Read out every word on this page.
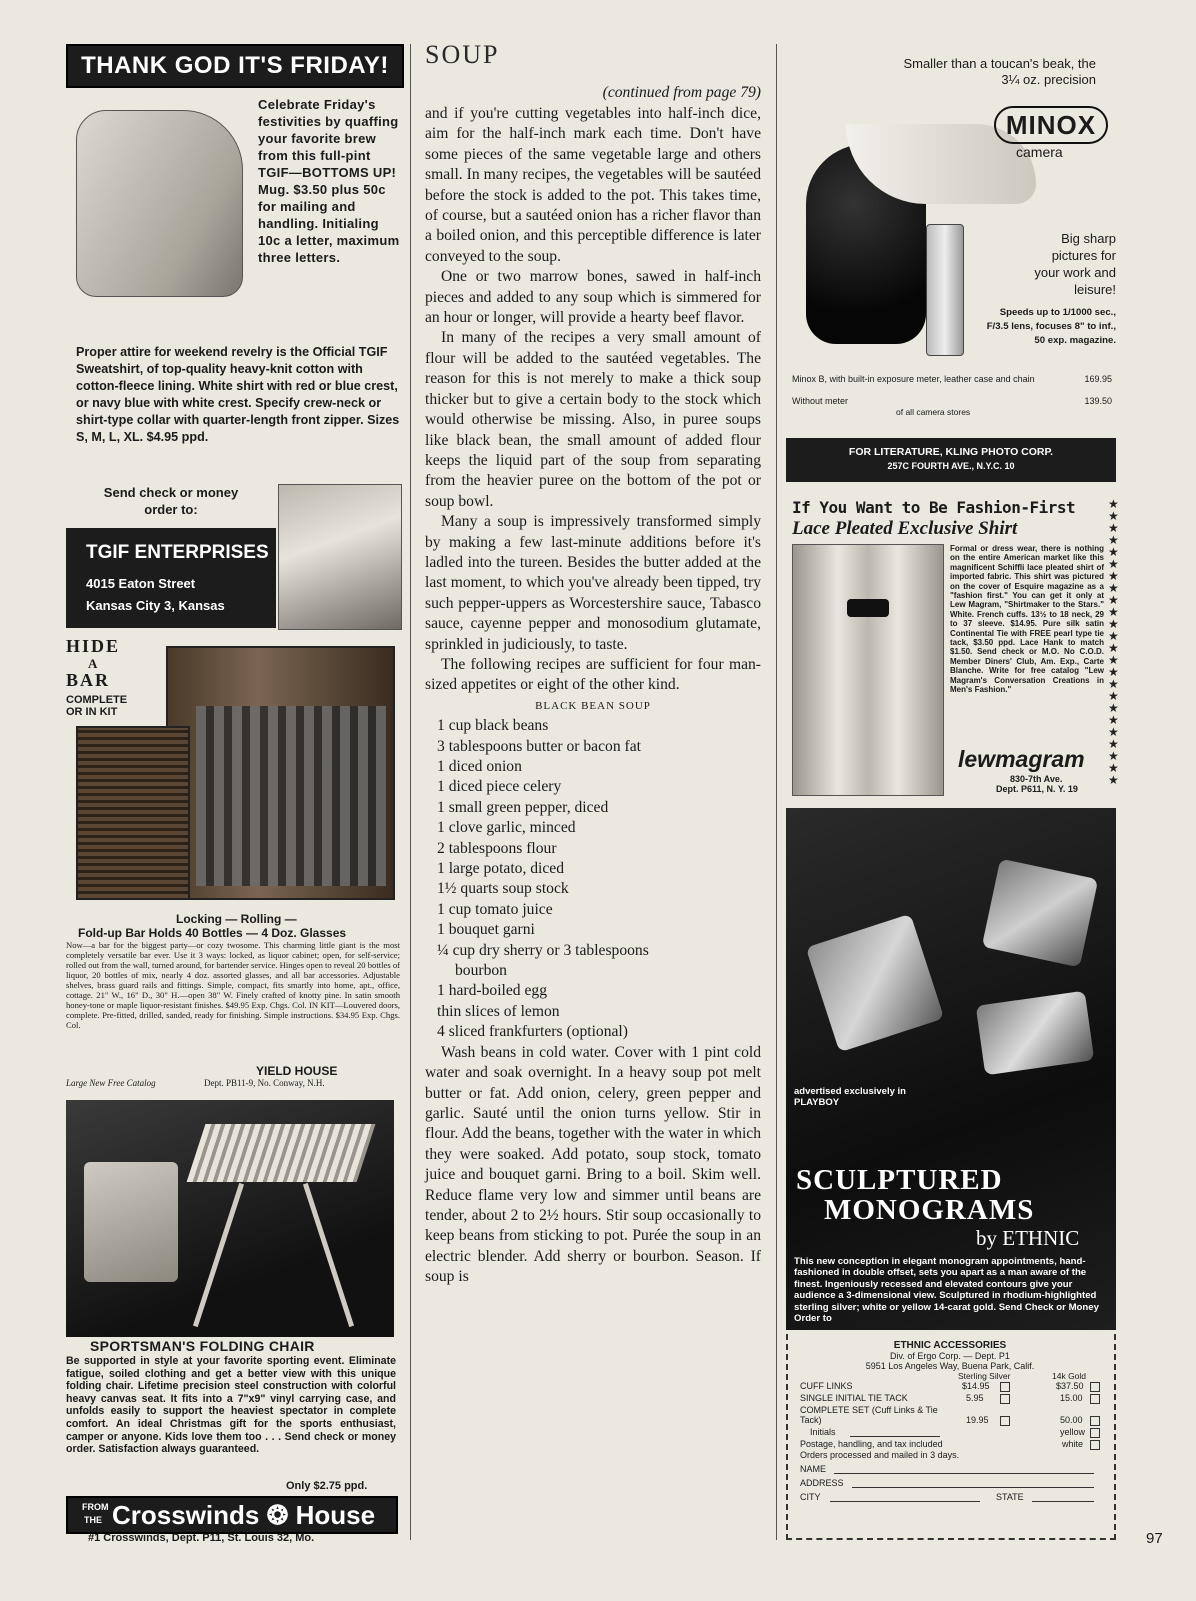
THANK GOD IT'S FRIDAY!
Celebrate Friday's festivities by quaffing your favorite brew from this full-pint TGIF—BOTTOMS UP! Mug. $3.50 plus 50c for mailing and handling. Initialing 10c a letter, maximum three letters.
Proper attire for weekend revelry is the Official TGIF Sweatshirt, of top-quality heavy-knit cotton with cotton-fleece lining. White shirt with red or blue crest, or navy blue with white crest. Specify crew-neck or shirt-type collar with quarter-length front zipper. Sizes S, M, L, XL. $4.95 ppd.
Send check or money order to:
TGIF ENTERPRISES
4015 Eaton Street
Kansas City 3, Kansas
HIDE
A
BAR
COMPLETE OR IN KIT
Locking — Rolling —
Fold-up Bar Holds 40 Bottles — 4 Doz. Glasses
Now—a bar for the biggest party—or cozy twosome. This charming little giant is the most completely versatile bar ever. Use it 3 ways: locked, as liquor cabinet; open, for self-service; rolled out from the wall, turned around, for bartender service. Hinges open to reveal 20 bottles of liquor, 20 bottles of mix, nearly 4 doz. assorted glasses, and all bar accessories. Adjustable shelves, brass guard rails and fittings. Simple, compact, fits smartly into home, apt., office, cottage. 21" W., 16" D., 30" H.—open 38" W. Finely crafted of knotty pine. In satin smooth honey-tone or maple liquor-resistant finishes. $49.95 Exp. Chgs. Col. IN KIT—Louvered doors, complete. Pre-fitted, drilled, sanded, ready for finishing. Simple instructions. $34.95 Exp. Chgs. Col.
YIELD HOUSE
Large New Free Catalog	Dept. PB11-9, No. Conway, N.H.
SPORTSMAN'S FOLDING CHAIR
Be supported in style at your favorite sporting event. Eliminate fatigue, soiled clothing and get a better view with this unique folding chair. Lifetime precision steel construction with colorful heavy canvas seat. It fits into a 7"x9" vinyl carrying case, and unfolds easily to support the heaviest spectator in complete comfort. An ideal Christmas gift for the sports enthusiast, camper or anyone. Kids love them too . . . Send check or money order. Satisfaction always guaranteed.
Only $2.75 ppd.
FROM
THE Crosswinds ❂ House
#1 Crosswinds, Dept. P11, St. Louis 32, Mo.
SOUP
(continued from page 79)

and if you're cutting vegetables into half-inch dice, aim for the half-inch mark each time. Don't have some pieces of the same vegetable large and others small. In many recipes, the vegetables will be sautéed before the stock is added to the pot. This takes time, of course, but a sautéed onion has a richer flavor than a boiled onion, and this perceptible difference is later conveyed to the soup.

One or two marrow bones, sawed in half-inch pieces and added to any soup which is simmered for an hour or longer, will provide a hearty beef flavor.

In many of the recipes a very small amount of flour will be added to the sautéed vegetables. The reason for this is not merely to make a thick soup thicker but to give a certain body to the stock which would otherwise be missing. Also, in puree soups like black bean, the small amount of added flour keeps the liquid part of the soup from separating from the heavier puree on the bottom of the pot or soup bowl.

Many a soup is impressively transformed simply by making a few last-minute additions before it's ladled into the tureen. Besides the butter added at the last moment, to which you've already been tipped, try such pepper-uppers as Worcestershire sauce, Tabasco sauce, cayenne pepper and monosodium glutamate, sprinkled in judiciously, to taste.

The following recipes are sufficient for four man-sized appetites or eight of the other kind.

BLACK BEAN SOUP
1 cup black beans
3 tablespoons butter or bacon fat
1 diced onion
1 diced piece celery
1 small green pepper, diced
1 clove garlic, minced
2 tablespoons flour
1 large potato, diced
1½ quarts soup stock
1 cup tomato juice
1 bouquet garni
¼ cup dry sherry or 3 tablespoons
bourbon
1 hard-boiled egg
thin slices of lemon
4 sliced frankfurters (optional)

Wash beans in cold water. Cover with 1 pint cold water and soak overnight. In a heavy soup pot melt butter or fat. Add onion, celery, green pepper and garlic. Sauté until the onion turns yellow. Stir in flour. Add the beans, together with the water in which they were soaked. Add potato, soup stock, tomato juice and bouquet garni. Bring to a boil. Skim well. Reduce flame very low and simmer until beans are tender, about 2 to 2½ hours. Stir soup occasionally to keep beans from sticking to pot. Purée the soup in an electric blender. Add sherry or bourbon. Season. If soup is

Smaller than a toucan's beak, the 3¼ oz. precision
MINOX
camera
Big sharp pictures for your work and leisure!
Speeds up to 1/1000 sec., F/3.5 lens, focuses 8" to inf., 50 exp. magazine.
Minox B, with built-in exposure meter, leather case and chain	169.95
Without meter	139.50
of all camera stores
FOR LITERATURE, KLING PHOTO CORP.
257C FOURTH AVE., N.Y.C. 10
If You Want to Be Fashion-First
Lace Pleated Exclusive Shirt
★
★
★
★
★
★
★
★
★
★
★
★
★
★
★
★
★
★
★
★
★
★
★
★
Formal or dress wear, there is nothing on the entire American market like this magnificent Schiffli lace pleated shirt of imported fabric. This shirt was pictured on the cover of Esquire magazine as a "fashion first." You can get it only at Lew Magram, "Shirtmaker to the Stars." White. French cuffs. 13½ to 18 neck, 29 to 37 sleeve. $14.95. Pure silk satin Continental Tie with FREE pearl type tie tack, $3.50 ppd. Lace Hank to match $1.50. Send check or M.O. No C.O.D. Member Diners' Club, Am. Exp., Carte Blanche. Write for free catalog "Lew Magram's Conversation Creations in Men's Fashion."
lewmagram
830-7th Ave.
Dept. P611, N. Y. 19
advertised exclusively in PLAYBOY
SCULPTURED
MONOGRAMS
by ETHNIC
This new conception in elegant monogram appointments, hand-fashioned in double offset, sets you apart as a man aware of the finest. Ingeniously recessed and elevated contours give your audience a 3-dimensional view. Sculptured in rhodium-highlighted sterling silver; white or yellow 14-carat gold. Send Check or Money Order to
ETHNIC ACCESSORIES
Div. of Ergo Corp. — Dept. P1
5951 Los Angeles Way, Buena Park, Calif.
Sterling Silver	14k Gold
CUFF LINKS	$14.95	$37.50
SINGLE INITIAL TIE TACK	5.95	15.00
COMPLETE SET (Cuff Links & Tie Tack)	19.95	50.00
Initials	yellow
Postage, handling, and tax included	white
Orders processed and mailed in 3 days.
NAME
ADDRESS
CITY	STATE
97
